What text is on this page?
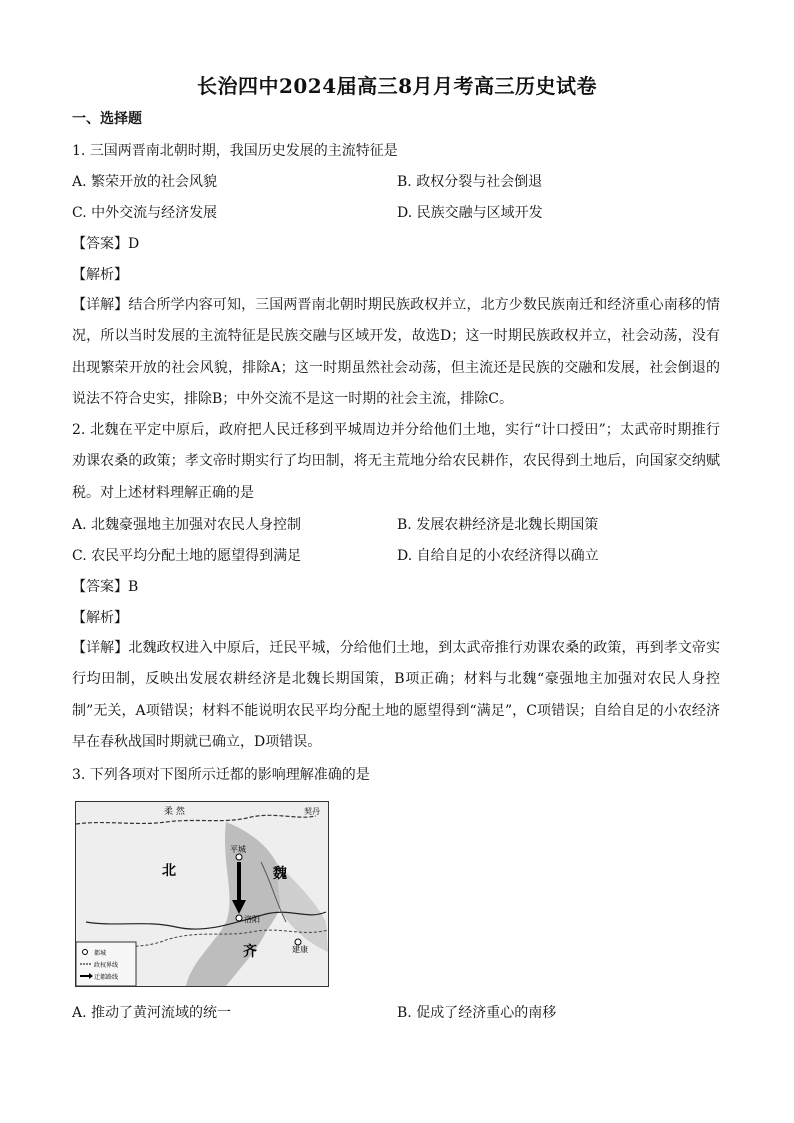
长治四中2024届高三8月月考高三历史试卷
一、选择题
1. 三国两晋南北朝时期，我国历史发展的主流特征是
A. 繁荣开放的社会风貌	B. 政权分裂与社会倒退
C. 中外交流与经济发展	D. 民族交融与区域开发
【答案】D
【解析】
【详解】结合所学内容可知，三国两晋南北朝时期民族政权并立，北方少数民族南迁和经济重心南移的情况，所以当时发展的主流特征是民族交融与区域开发，故选D；这一时期民族政权并立，社会动荡，没有出现繁荣开放的社会风貌，排除A；这一时期虽然社会动荡，但主流还是民族的交融和发展，社会倒退的说法不符合史实，排除B；中外交流不是这一时期的社会主流，排除C。
2. 北魏在平定中原后，政府把人民迁移到平城周边并分给他们土地，实行“计口授田”；太武帝时期推行劝课农桑的政策；孝文帝时期实行了均田制，将无主荒地分给农民耕作，农民得到土地后，向国家交纳赋税。对上述材料理解正确的是
A. 北魏豪强地主加强对农民人身控制	B. 发展农耕经济是北魏长期国策
C. 农民平均分配土地的愿望得到满足	D. 自给自足的小农经济得以确立
【答案】B
【解析】
【详解】北魏政权进入中原后，迁民平城，分给他们土地，到太武帝推行劝课农桑的政策，再到孝文帝实行均田制，反映出发展农耕经济是北魏长期国策，B项正确；材料与北魏“豪强地主加强对农民人身控制”无关，A项错误；材料不能说明农民平均分配土地的愿望得到“满足”，C项错误；自给自足的小农经济早在春秋战国时期就已确立，D项错误。
3. 下列各项对下图所示迁都的影响理解准确的是
柔 然	契丹
北	魏
齐
平城
洛阳
建康
都城
政权界线
迁都路线
A. 推动了黄河流域的统一	B. 促成了经济重心的南移
